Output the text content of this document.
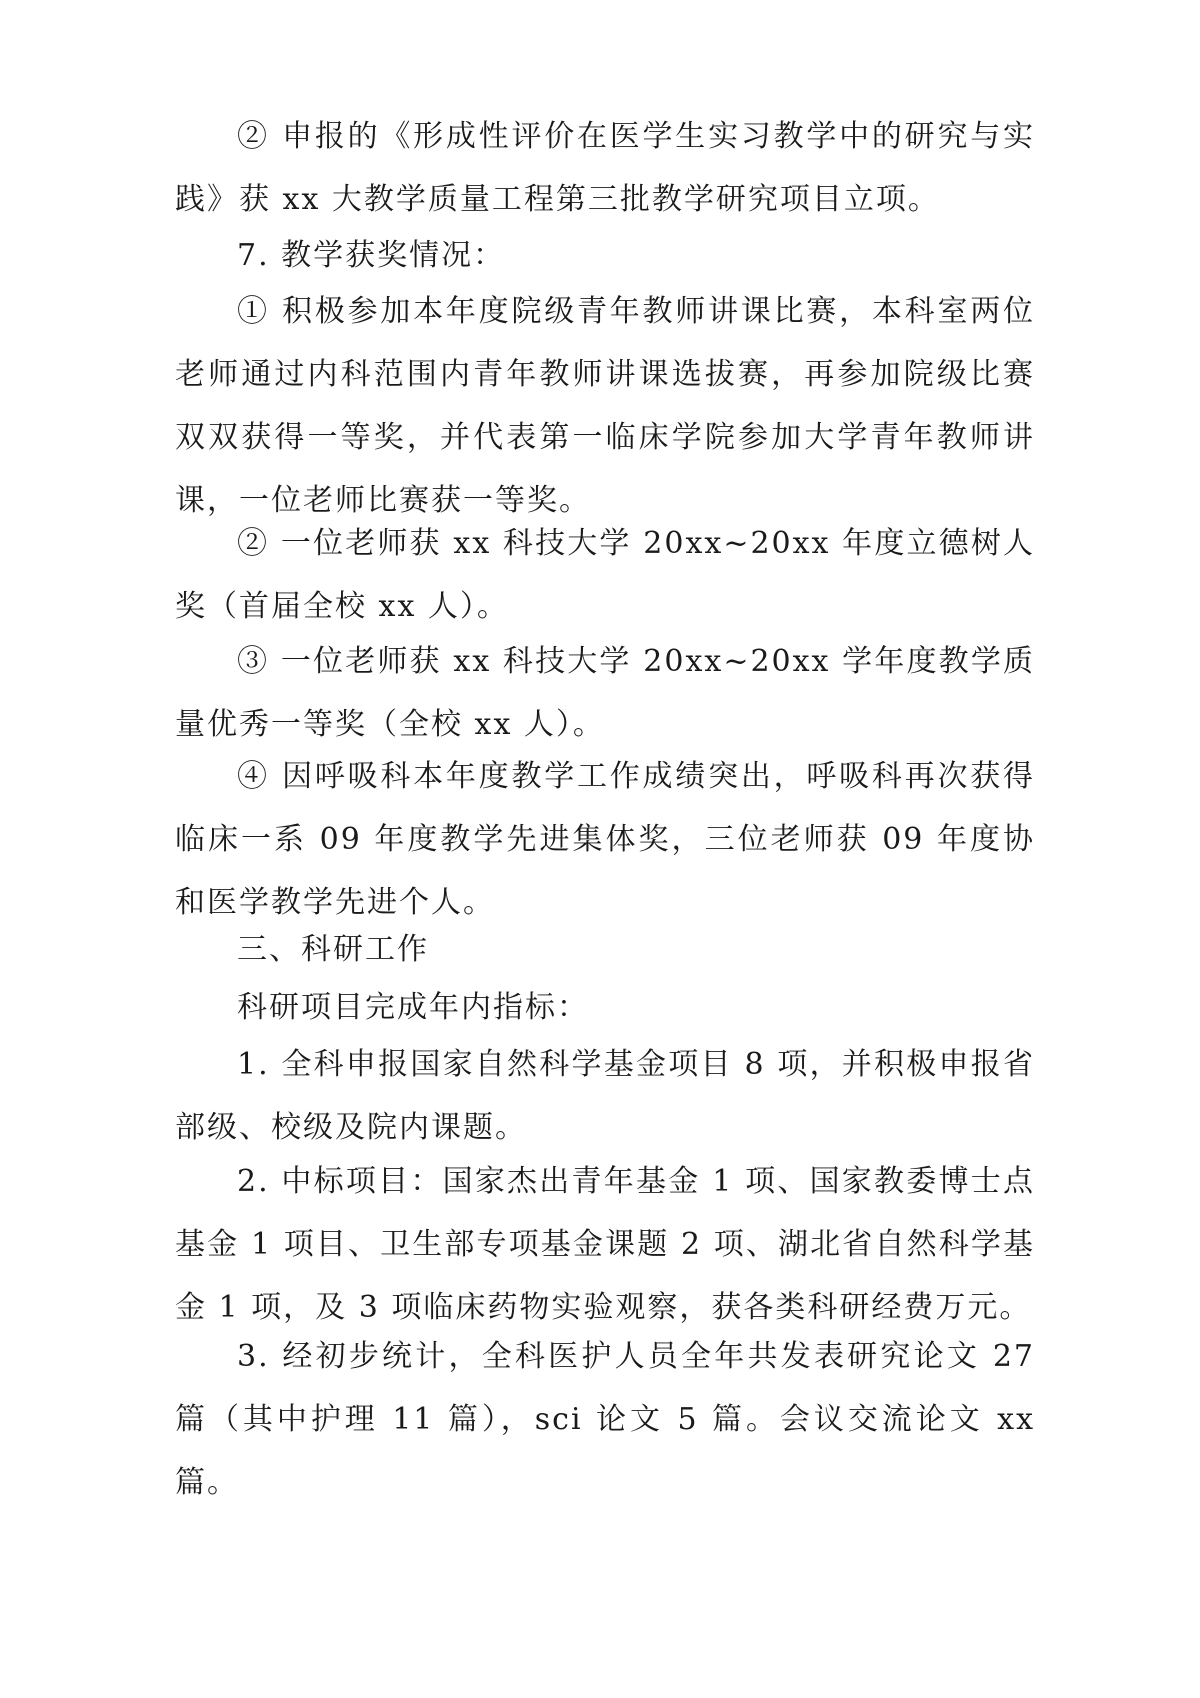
② 申报的《形成性评价在医学生实习教学中的研究与实践》获 xx 大教学质量工程第三批教学研究项目立项。

7. 教学获奖情况：

① 积极参加本年度院级青年教师讲课比赛，本科室两位老师通过内科范围内青年教师讲课选拔赛，再参加院级比赛双双获得一等奖，并代表第一临床学院参加大学青年教师讲课，一位老师比赛获一等奖。

② 一位老师获 xx 科技大学 20xx~20xx 年度立德树人奖（首届全校 xx 人）。

③ 一位老师获 xx 科技大学 20xx~20xx 学年度教学质量优秀一等奖（全校 xx 人）。

④ 因呼吸科本年度教学工作成绩突出，呼吸科再次获得临床一系 09 年度教学先进集体奖，三位老师获 09 年度协和医学教学先进个人。

三、科研工作

科研项目完成年内指标：

1. 全科申报国家自然科学基金项目 8 项，并积极申报省部级、校级及院内课题。

2. 中标项目：国家杰出青年基金 1 项、国家教委博士点基金 1 项目、卫生部专项基金课题 2 项、湖北省自然科学基金 1 项，及 3 项临床药物实验观察，获各类科研经费万元。

3. 经初步统计，全科医护人员全年共发表研究论文 27 篇（其中护理 11 篇），sci 论文 5 篇。会议交流论文 xx 篇。
